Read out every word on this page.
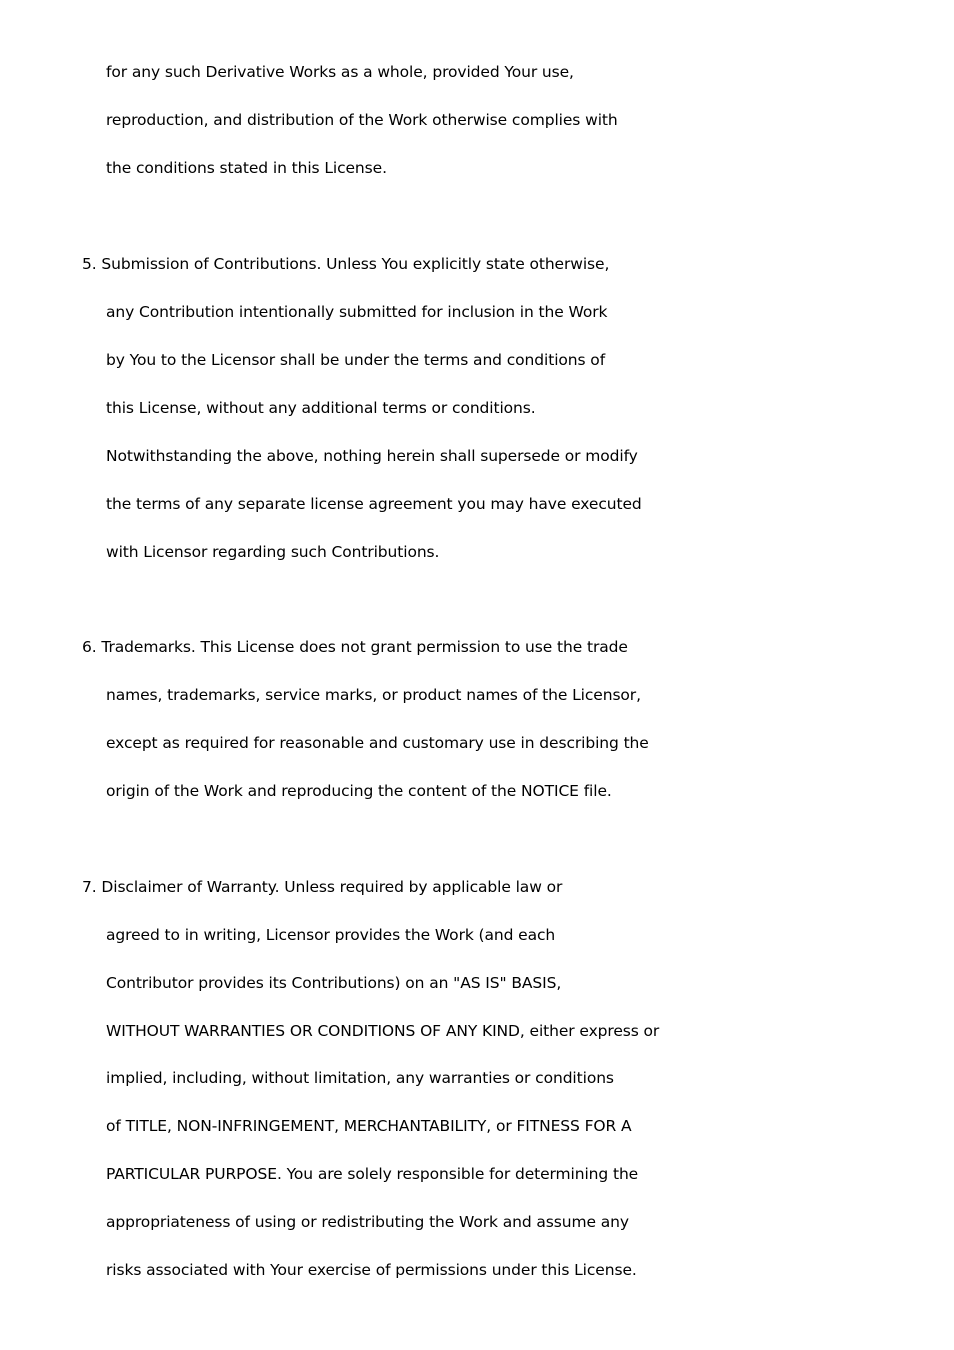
for any such Derivative Works as a whole, provided Your use,
reproduction, and distribution of the Work otherwise complies with
the conditions stated in this License.
5. Submission of Contributions. Unless You explicitly state otherwise,
any Contribution intentionally submitted for inclusion in the Work
by You to the Licensor shall be under the terms and conditions of
this License, without any additional terms or conditions.
Notwithstanding the above, nothing herein shall supersede or modify
the terms of any separate license agreement you may have executed
with Licensor regarding such Contributions.
6. Trademarks. This License does not grant permission to use the trade
names, trademarks, service marks, or product names of the Licensor,
except as required for reasonable and customary use in describing the
origin of the Work and reproducing the content of the NOTICE file.
7. Disclaimer of Warranty. Unless required by applicable law or
agreed to in writing, Licensor provides the Work (and each
Contributor provides its Contributions) on an "AS IS" BASIS,
WITHOUT WARRANTIES OR CONDITIONS OF ANY KIND, either express or
implied, including, without limitation, any warranties or conditions
of TITLE, NON-INFRINGEMENT, MERCHANTABILITY, or FITNESS FOR A
PARTICULAR PURPOSE. You are solely responsible for determining the
appropriateness of using or redistributing the Work and assume any
risks associated with Your exercise of permissions under this License.
